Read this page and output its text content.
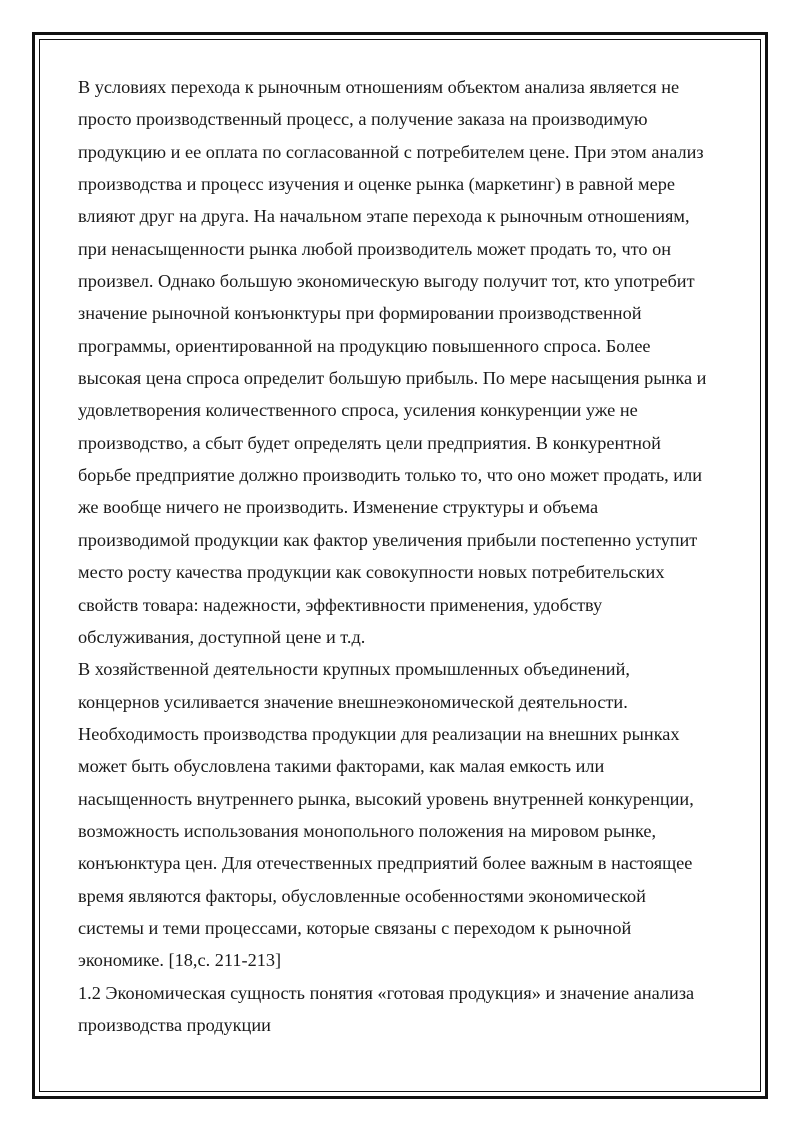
В условиях перехода к рыночным отношениям объектом анализа является не
просто производственный процесс, а получение заказа на производимую
продукцию и ее оплата по согласованной с потребителем цене. При этом анализ
производства и процесс изучения и оценке рынка (маркетинг) в равной мере
влияют друг на друга. На начальном этапе перехода к рыночным отношениям,
при ненасыщенности рынка любой производитель может продать то, что он
произвел. Однако большую экономическую выгоду получит тот, кто употребит
значение рыночной конъюнктуры при формировании производственной
программы, ориентированной на продукцию повышенного спроса. Более
высокая цена спроса определит большую прибыль. По мере насыщения рынка и
удовлетворения количественного спроса, усиления конкуренции уже не
производство, а сбыт будет определять цели предприятия. В конкурентной
борьбе предприятие должно производить только то, что оно может продать, или
же вообще ничего не производить. Изменение структуры и объема
производимой продукции как фактор увеличения прибыли постепенно уступит
место росту качества продукции как совокупности новых потребительских
свойств товара: надежности, эффективности применения, удобству
обслуживания, доступной цене и т.д.
В хозяйственной деятельности крупных промышленных объединений,
концернов усиливается значение внешнеэкономической деятельности.
Необходимость производства продукции для реализации на внешних рынках
может быть обусловлена такими факторами, как малая емкость или
насыщенность внутреннего рынка, высокий уровень внутренней конкуренции,
возможность использования монопольного положения на мировом рынке,
конъюнктура цен. Для отечественных предприятий более важным в настоящее
время являются факторы, обусловленные особенностями экономической
системы и теми процессами, которые связаны с переходом к рыночной
экономике. [18,с. 211-213]
1.2 Экономическая сущность понятия «готовая продукция» и значение анализа
производства продукции
